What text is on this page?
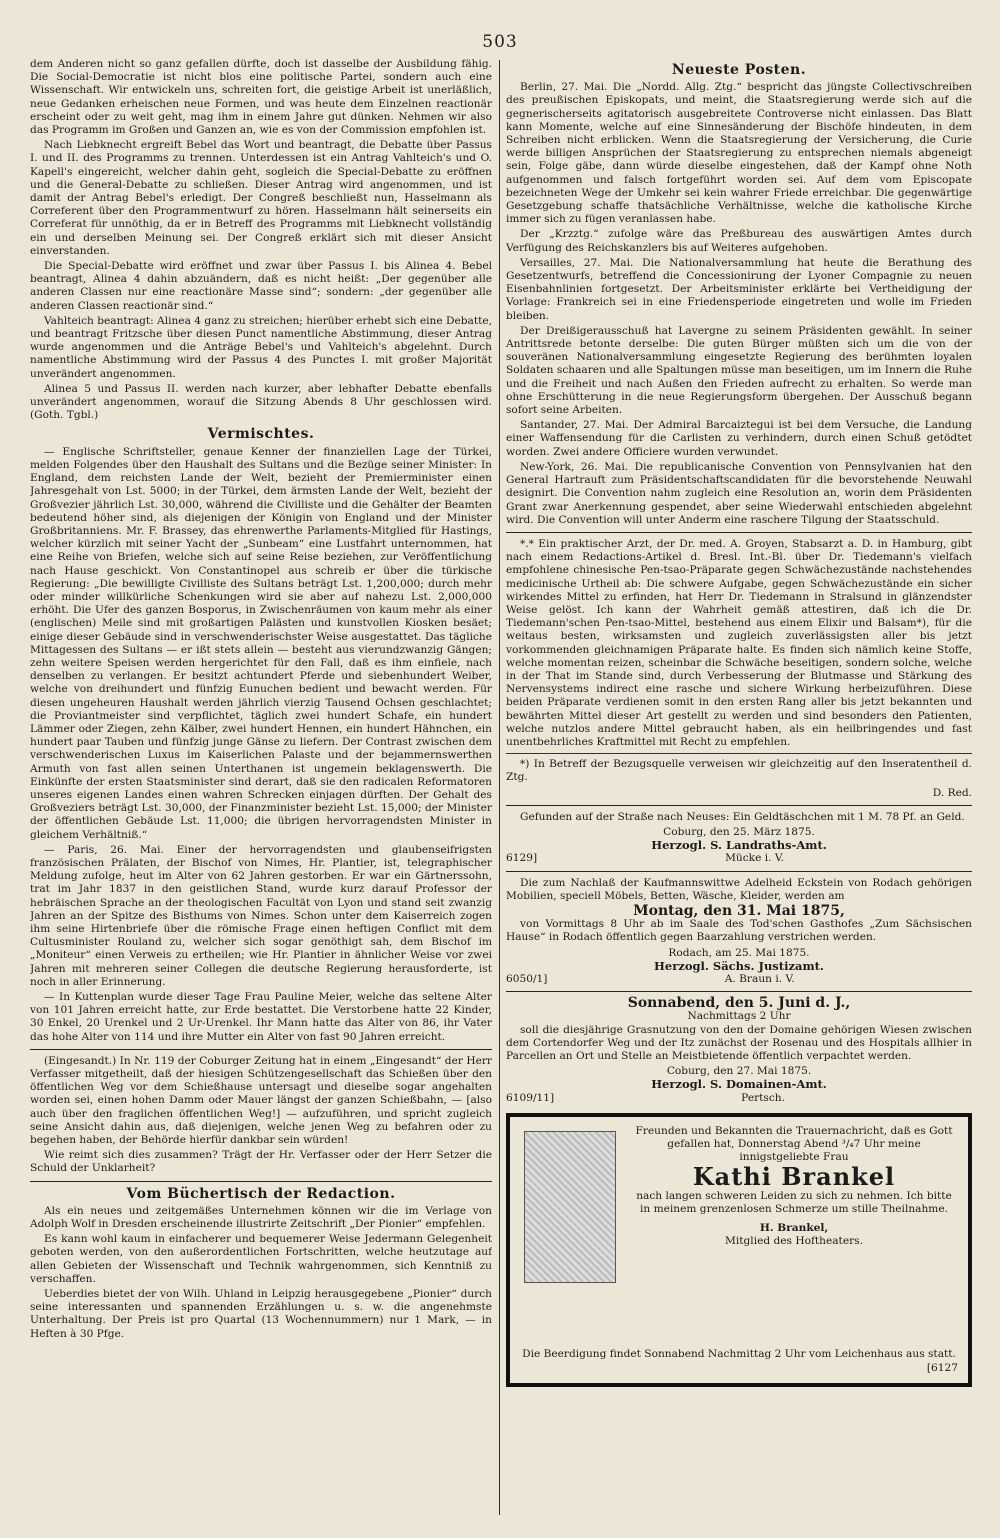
503

dem Anderen nicht so ganz gefallen dürfte, doch ist dasselbe der Ausbildung fähig. Die Social-Democratie ist nicht blos eine politische Partei, sondern auch eine Wissenschaft. Wir entwickeln uns, schreiten fort, die geistige Arbeit ist unerläßlich, neue Gedanken erheischen neue Formen, und was heute dem Einzelnen reactionär erscheint oder zu weit geht, mag ihm in einem Jahre gut dünken. Nehmen wir also das Programm im Großen und Ganzen an, wie es von der Commission empfohlen ist.

Nach Liebknecht ergreift Bebel das Wort und beantragt, die Debatte über Passus I. und II. des Programms zu trennen. Unterdessen ist ein Antrag Vahlteich's und O. Kapell's eingereicht, welcher dahin geht, sogleich die Special-Debatte zu eröffnen und die General-Debatte zu schließen. Dieser Antrag wird angenommen, und ist damit der Antrag Bebel's erledigt. Der Congreß beschließt nun, Hasselmann als Correferent über den Programmentwurf zu hören. Hasselmann hält seinerseits ein Correferat für unnöthig, da er in Betreff des Programms mit Liebknecht vollständig ein und derselben Meinung sei. Der Congreß erklärt sich mit dieser Ansicht einverstanden.

Die Special-Debatte wird eröffnet und zwar über Passus I. bis Alinea 4. Bebel beantragt, Alinea 4 dahin abzuändern, daß es nicht heißt: „Der gegenüber alle anderen Classen nur eine reactionäre Masse sind“; sondern: „der gegenüber alle anderen Classen reactionär sind.“

Vahlteich beantragt: Alinea 4 ganz zu streichen; hierüber erhebt sich eine Debatte, und beantragt Fritzsche über diesen Punct namentliche Abstimmung, dieser Antrag wurde angenommen und die Anträge Bebel's und Vahlteich's abgelehnt. Durch namentliche Abstimmung wird der Passus 4 des Punctes I. mit großer Majorität unverändert angenommen.

Alinea 5 und Passus II. werden nach kurzer, aber lebhafter Debatte ebenfalls unverändert angenommen, worauf die Sitzung Abends 8 Uhr geschlossen wird. (Goth. Tgbl.)

Vermischtes.

— Englische Schriftsteller, genaue Kenner der finanziellen Lage der Türkei, melden Folgendes über den Haushalt des Sultans und die Bezüge seiner Minister: In England, dem reichsten Lande der Welt, bezieht der Premierminister einen Jahresgehalt von Lst. 5000; in der Türkei, dem ärmsten Lande der Welt, bezieht der Großvezier jährlich Lst. 30,000, während die Civilliste und die Gehälter der Beamten bedeutend höher sind, als diejenigen der Königin von England und der Minister Großbritanniens. Mr. F. Brassey, das ehrenwerthe Parlaments-Mitglied für Hastings, welcher kürzlich mit seiner Yacht der „Sunbeam“ eine Lustfahrt unternommen, hat eine Reihe von Briefen, welche sich auf seine Reise beziehen, zur Veröffentlichung nach Hause geschickt. Von Constantinopel aus schreib er über die türkische Regierung: „Die bewilligte Civilliste des Sultans beträgt Lst. 1,200,000; durch mehr oder minder willkürliche Schenkungen wird sie aber auf nahezu Lst. 2,000,000 erhöht. Die Ufer des ganzen Bosporus, in Zwischenräumen von kaum mehr als einer (englischen) Meile sind mit großartigen Palästen und kunstvollen Kiosken besäet; einige dieser Gebäude sind in verschwenderischster Weise ausgestattet. Das tägliche Mittagessen des Sultans — er ißt stets allein — besteht aus vierundzwanzig Gängen; zehn weitere Speisen werden hergerichtet für den Fall, daß es ihm einfiele, nach denselben zu verlangen. Er besitzt achtundert Pferde und siebenhundert Weiber, welche von dreihundert und fünfzig Eunuchen bedient und bewacht werden. Für diesen ungeheuren Haushalt werden jährlich vierzig Tausend Ochsen geschlachtet; die Proviantmeister sind verpflichtet, täglich zwei hundert Schafe, ein hundert Lämmer oder Ziegen, zehn Kälber, zwei hundert Hennen, ein hundert Hähnchen, ein hundert paar Tauben und fünfzig junge Gänse zu liefern. Der Contrast zwischen dem verschwenderischen Luxus im Kaiserlichen Palaste und der bejammernswerthen Armuth von fast allen seinen Unterthanen ist ungemein beklagenswerth. Die Einkünfte der ersten Staatsminister sind derart, daß sie den radicalen Reformatoren unseres eigenen Landes einen wahren Schrecken einjagen dürften. Der Gehalt des Großveziers beträgt Lst. 30,000, der Finanzminister bezieht Lst. 15,000; der Minister der öffentlichen Gebäude Lst. 11,000; die übrigen hervorragendsten Minister in gleichem Verhältniß.“

— Paris, 26. Mai. Einer der hervorragendsten und glaubenseifrigsten französischen Prälaten, der Bischof von Nimes, Hr. Plantier, ist, telegraphischer Meldung zufolge, heut im Alter von 62 Jahren gestorben. Er war ein Gärtnerssohn, trat im Jahr 1837 in den geistlichen Stand, wurde kurz darauf Professor der hebräischen Sprache an der theologischen Facultät von Lyon und stand seit zwanzig Jahren an der Spitze des Bisthums von Nimes. Schon unter dem Kaiserreich zogen ihm seine Hirtenbriefe über die römische Frage einen heftigen Conflict mit dem Cultusminister Rouland zu, welcher sich sogar genöthigt sah, dem Bischof im „Moniteur“ einen Verweis zu ertheilen; wie Hr. Plantier in ähnlicher Weise vor zwei Jahren mit mehreren seiner Collegen die deutsche Regierung herausforderte, ist noch in aller Erinnerung.

— In Kuttenplan wurde dieser Tage Frau Pauline Meier, welche das seltene Alter von 101 Jahren erreicht hatte, zur Erde bestattet. Die Verstorbene hatte 22 Kinder, 30 Enkel, 20 Urenkel und 2 Ur-Urenkel. Ihr Mann hatte das Alter von 86, ihr Vater das hohe Alter von 114 und ihre Mutter ein Alter von fast 90 Jahren erreicht.

(Eingesandt.) In Nr. 119 der Coburger Zeitung hat in einem „Eingesandt“ der Herr Verfasser mitgetheilt, daß der hiesigen Schützengesellschaft das Schießen über den öffentlichen Weg vor dem Schießhause untersagt und dieselbe sogar angehalten worden sei, einen hohen Damm oder Mauer längst der ganzen Schießbahn, — [also auch über den fraglichen öffentlichen Weg!] — aufzuführen, und spricht zugleich seine Ansicht dahin aus, daß diejenigen, welche jenen Weg zu befahren oder zu begehen haben, der Behörde hierfür dankbar sein würden!

Wie reimt sich dies zusammen? Trägt der Hr. Verfasser oder der Herr Setzer die Schuld der Unklarheit?

Vom Büchertisch der Redaction.

Als ein neues und zeitgemäßes Unternehmen können wir die im Verlage von Adolph Wolf in Dresden erscheinende illustrirte Zeitschrift „Der Pionier“ empfehlen.

Es kann wohl kaum in einfacherer und bequemerer Weise Jedermann Gelegenheit geboten werden, von den außerordentlichen Fortschritten, welche heutzutage auf allen Gebieten der Wissenschaft und Technik wahrgenommen, sich Kenntniß zu verschaffen.

Ueberdies bietet der von Wilh. Uhland in Leipzig herausgegebene „Pionier“ durch seine interessanten und spannenden Erzählungen u. s. w. die angenehmste Unterhaltung. Der Preis ist pro Quartal (13 Wochennummern) nur 1 Mark, — in Heften à 30 Pfge.

Neueste Posten.

Berlin, 27. Mai. Die „Nordd. Allg. Ztg.“ bespricht das jüngste Collectivschreiben des preußischen Episkopats, und meint, die Staatsregierung werde sich auf die gegnerischerseits agitatorisch ausgebreitete Controverse nicht einlassen. Das Blatt kann Momente, welche auf eine Sinnesänderung der Bischöfe hindeuten, in dem Schreiben nicht erblicken. Wenn die Staatsregierung der Versicherung, die Curie werde billigen Ansprüchen der Staatsregierung zu entsprechen niemals abgeneigt sein, Folge gäbe, dann würde dieselbe eingestehen, daß der Kampf ohne Noth aufgenommen und falsch fortgeführt worden sei. Auf dem vom Episcopate bezeichneten Wege der Umkehr sei kein wahrer Friede erreichbar. Die gegenwärtige Gesetzgebung schaffe thatsächliche Verhältnisse, welche die katholische Kirche immer sich zu fügen veranlassen habe.

Der „Krzztg.“ zufolge wäre das Preßbureau des auswärtigen Amtes durch Verfügung des Reichskanzlers bis auf Weiteres aufgehoben.

Versailles, 27. Mai. Die Nationalversammlung hat heute die Berathung des Gesetzentwurfs, betreffend die Concessionirung der Lyoner Compagnie zu neuen Eisenbahnlinien fortgesetzt. Der Arbeitsminister erklärte bei Vertheidigung der Vorlage: Frankreich sei in eine Friedensperiode eingetreten und wolle im Frieden bleiben.

Der Dreißigerausschuß hat Lavergne zu seinem Präsidenten gewählt. In seiner Antrittsrede betonte derselbe: Die guten Bürger müßten sich um die von der souveränen Nationalversammlung eingesetzte Regierung des berühmten loyalen Soldaten schaaren und alle Spaltungen müsse man beseitigen, um im Innern die Ruhe und die Freiheit und nach Außen den Frieden aufrecht zu erhalten. So werde man ohne Erschütterung in die neue Regierungsform übergehen. Der Ausschuß begann sofort seine Arbeiten.

Santander, 27. Mai. Der Admiral Barcaiztegui ist bei dem Versuche, die Landung einer Waffensendung für die Carlisten zu verhindern, durch einen Schuß getödtet worden. Zwei andere Officiere wurden verwundet.

New-York, 26. Mai. Die republicanische Convention von Pennsylvanien hat den General Hartrauft zum Präsidentschaftscandidaten für die bevorstehende Neuwahl designirt. Die Convention nahm zugleich eine Resolution an, worin dem Präsidenten Grant zwar Anerkennung gespendet, aber seine Wiederwahl entschieden abgelehnt wird. Die Convention will unter Anderm eine raschere Tilgung der Staatsschuld.

*.* Ein praktischer Arzt, der Dr. med. A. Groyen, Stabsarzt a. D. in Hamburg, gibt nach einem Redactions-Artikel d. Bresl. Int.-Bl. über Dr. Tiedemann's vielfach empfohlene chinesische Pen-tsao-Präparate gegen Schwächezustände nachstehendes medicinische Urtheil ab: Die schwere Aufgabe, gegen Schwächezustände ein sicher wirkendes Mittel zu erfinden, hat Herr Dr. Tiedemann in Stralsund in glänzendster Weise gelöst. Ich kann der Wahrheit gemäß attestiren, daß ich die Dr. Tiedemann'schen Pen-tsao-Mittel, bestehend aus einem Elixir und Balsam*), für die weitaus besten, wirksamsten und zugleich zuverlässigsten aller bis jetzt vorkommenden gleichnamigen Präparate halte. Es finden sich nämlich keine Stoffe, welche momentan reizen, scheinbar die Schwäche beseitigen, sondern solche, welche in der That im Stande sind, durch Verbesserung der Blutmasse und Stärkung des Nervensystems indirect eine rasche und sichere Wirkung herbeizuführen. Diese beiden Präparate verdienen somit in den ersten Rang aller bis jetzt bekannten und bewährten Mittel dieser Art gestellt zu werden und sind besonders den Patienten, welche nutzlos andere Mittel gebraucht haben, als ein heilbringendes und fast unentbehrliches Kraftmittel mit Recht zu empfehlen.

*) In Betreff der Bezugsquelle verweisen wir gleichzeitig auf den Inseratentheil d. Ztg.

D. Red.

Gefunden auf der Straße nach Neuses: Ein Geldtäschchen mit 1 M. 78 Pf. an Geld.

Coburg, den 25. März 1875.
Herzogl. S. Landraths-Amt.
6129]	Mücke i. V.

Die zum Nachlaß der Kaufmannswittwe Adelheid Eckstein von Rodach gehörigen Mobilien, speciell Möbels, Betten, Wäsche, Kleider, werden am

Montag, den 31. Mai 1875,

von Vormittags 8 Uhr ab im Saale des Tod'schen Gasthofes „Zum Sächsischen Hause“ in Rodach öffentlich gegen Baarzahlung verstrichen werden.

Rodach, am 25. Mai 1875.
Herzogl. Sächs. Justizamt.
6050/1]	A. Braun i. V.
Sonnabend, den 5. Juni d. J.,
Nachmittags 2 Uhr

soll die diesjährige Grasnutzung von den der Domaine gehörigen Wiesen zwischen dem Cortendorfer Weg und der Itz zunächst der Rosenau und des Hospitals allhier in Parcellen an Ort und Stelle an Meistbietende öffentlich verpachtet werden.

Coburg, den 27. Mai 1875.
Herzogl. S. Domainen-Amt.
6109/11]	Pertsch.
Freunden und Bekannten die Trauernachricht, daß es Gott gefallen hat, Donnerstag Abend ³/₄7 Uhr meine innigstgeliebte Frau
Kathi Brankel
nach langen schweren Leiden zu sich zu nehmen. Ich bitte in meinem grenzenlosen Schmerze um stille Theilnahme.
H. Brankel,
Mitglied des Hoftheaters.
Die Beerdigung findet Sonnabend Nachmittag 2 Uhr vom Leichenhaus aus statt.
[6127
